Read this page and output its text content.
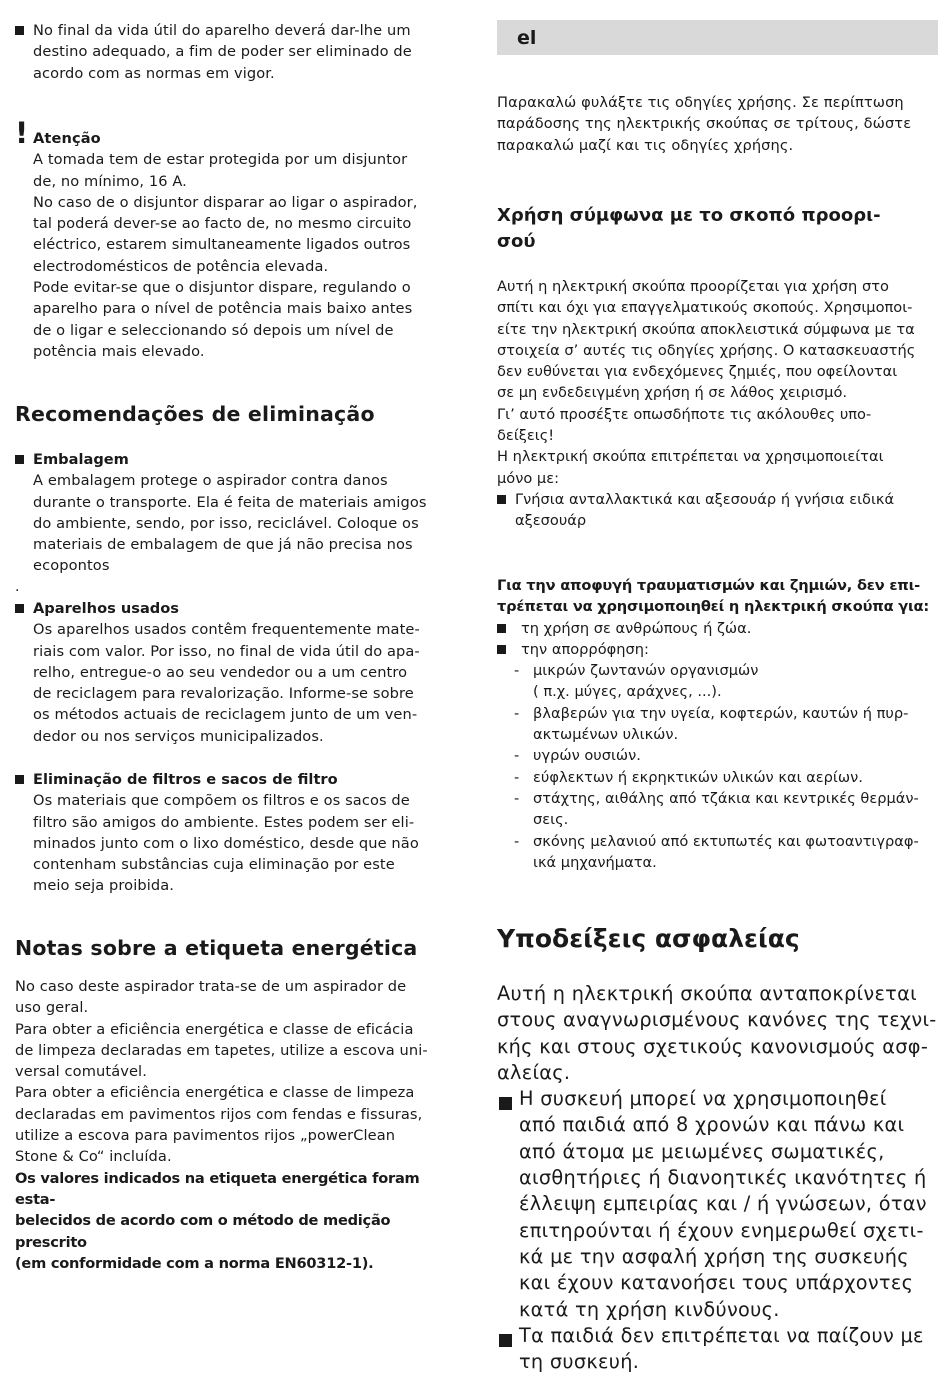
No final da vida útil do aparelho deverá dar-lhe um destino adequado, a fim de poder ser eliminado de acordo com as normas em vigor.
! Atenção
A tomada tem de estar protegida por um disjuntor
de, no mínimo, 16 A.
No caso de o disjuntor disparar ao ligar o aspirador,
tal poderá dever-se ao facto de, no mesmo circuito
eléctrico, estarem simultaneamente ligados outros
electrodomésticos de potência elevada.
Pode evitar-se que o disjuntor dispare, regulando o
aparelho para o nível de potência mais baixo antes
de o ligar e seleccionando só depois um nível de
potência mais elevado.
Recomendações de eliminação
Embalagem
A embalagem protege o aspirador contra danos
durante o transporte. Ela é feita de materiais amigos
do ambiente, sendo, por isso, reciclável. Coloque os
materiais de embalagem de que já não precisa nos
ecopontos
.
Aparelhos usados
Os aparelhos usados contêm frequentemente mate-
riais com valor. Por isso, no final de vida útil do apa-
relho, entregue-o ao seu vendedor ou a um centro
de reciclagem para revalorização. Informe-se sobre
os métodos actuais de reciclagem junto de um ven-
dedor ou nos serviços municipalizados.
Eliminação de filtros e sacos de filtro
Os materiais que compõem os filtros e os sacos de
filtro são amigos do ambiente. Estes podem ser eli-
minados junto com o lixo doméstico, desde que não
contenham substâncias cuja eliminação por este
meio seja proibida.
Notas sobre a etiqueta energética
No caso deste aspirador trata-se de um aspirador de
uso geral.
Para obter a eficiência energética e classe de eficácia
de limpeza declaradas em tapetes, utilize a escova uni-
versal comutável.
Para obter a eficiência energética e classe de limpeza
declaradas em pavimentos rijos com fendas e fissuras,
utilize a escova para pavimentos rijos „powerClean
Stone & Co“ incluída.
Os valores indicados na etiqueta energética foram esta-
belecidos de acordo com o método de medição prescrito
(em conformidade com a norma EN60312-1).
el
Παρακαλώ φυλάξτε τις οδηγίες χρήσης. Σε περίπτωση
παράδοσης της ηλεκτρικής σκούπας σε τρίτους, δώστε
παρακαλώ μαζί και τις οδηγίες χρήσης.
Χρήση σύμφωνα με το σκοπό προορι-
σού
Αυτή η ηλεκτρική σκούπα προορίζεται για χρήση στο
σπίτι και όχι για επαγγελματικούς σκοπούς. Χρησιμοποι-
είτε την ηλεκτρική σκούπα αποκλειστικά σύμφωνα με τα
στοιχεία σ’ αυτές τις οδηγίες χρήσης. Ο κατασκευαστής
δεν ευθύνεται για ενδεχόμενες ζημιές, που οφείλονται
σε μη ενδεδειγμένη χρήση ή σε λάθος χειρισμό.
Γι’ αυτό προσέξτε οπωσδήποτε τις ακόλουθες υπο-
δείξεις!
Η ηλεκτρική σκούπα επιτρέπεται να χρησιμοποιείται
μόνο με:
Γνήσια ανταλλακτικά και αξεσουάρ ή γνήσια ειδικά
αξεσουάρ
Για την αποφυγή τραυματισμών και ζημιών, δεν επι-
τρέπεται να χρησιμοποιηθεί η ηλεκτρική σκούπα για:
τη χρήση σε ανθρώπους ή ζώα.
την απορρόφηση:
- μικρών ζωντανών οργανισμών
( π.χ. μύγες, αράχνες, ...).
- βλαβερών για την υγεία, κοφτερών, καυτών ή πυρ-
ακτωμένων υλικών.
- υγρών ουσιών.
- εύφλεκτων ή εκρηκτικών υλικών και αερίων.
- στάχτης, αιθάλης από τζάκια και κεντρικές θερμάν-
σεις.
- σκόνης μελανιού από εκτυπωτές και φωτοαντιγραφ-
ικά μηχανήματα.
Υποδείξεις ασφαλείας
Αυτή η ηλεκτρική σκούπα ανταποκρίνεται
στους αναγνωρισμένους κανόνες της τεχνι-
κής και στους σχετικούς κανονισμούς ασφ-
αλείας.
Η συσκευή μπορεί να χρησιμοποιηθεί
από παιδιά από 8 χρονών και πάνω και
από άτομα με μειωμένες σωματικές,
αισθητήριες ή διανοητικές ικανότητες ή
έλλειψη εμπειρίας και / ή γνώσεων, όταν
επιτηρούνται ή έχουν ενημερωθεί σχετι-
κά με την ασφαλή χρήση της συσκευής
και έχουν κατανοήσει τους υπάρχοντες
κατά τη χρήση κινδύνους.
Τα παιδιά δεν επιτρέπεται να παίζουν με
τη συσκευή.
